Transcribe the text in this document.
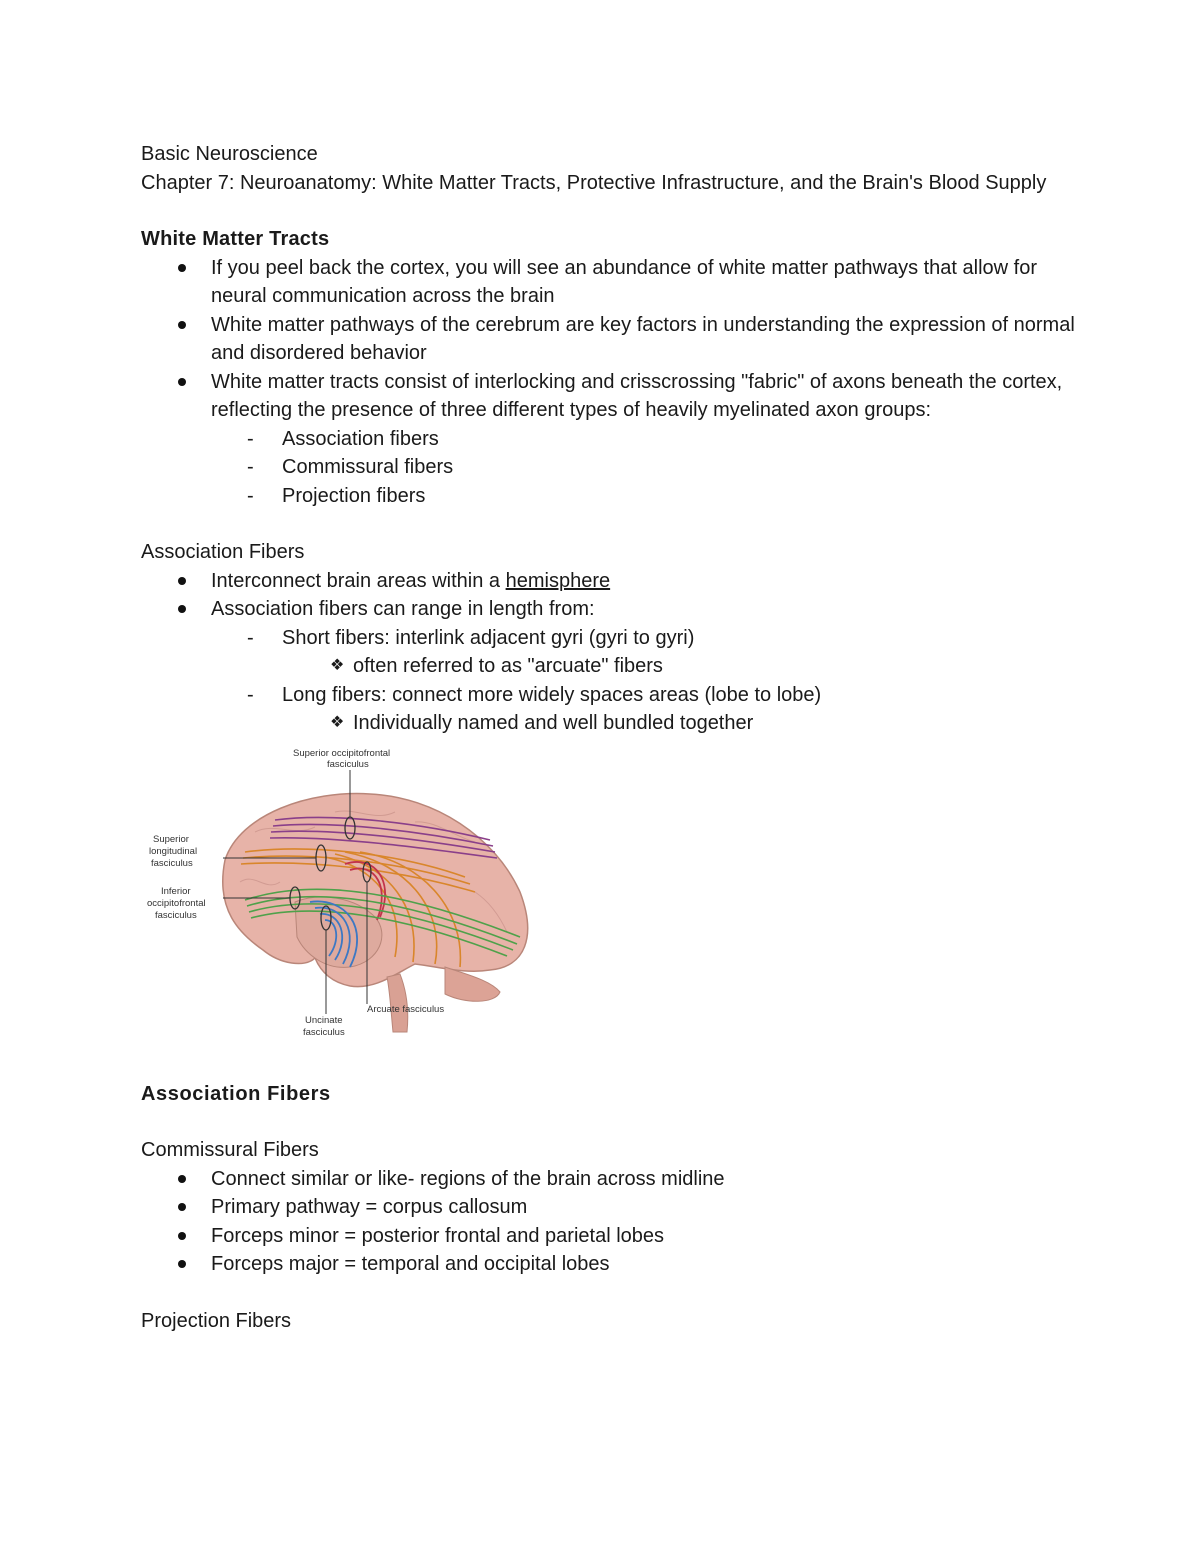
Basic Neuroscience

Chapter 7: Neuroanatomy: White Matter Tracts, Protective Infrastructure, and the Brain's Blood Supply

White Matter Tracts

If you peel back the cortex, you will see an abundance of white matter pathways that allow for neural communication across the brain
White matter pathways of the cerebrum are key factors in understanding the expression of normal and disordered behavior
White matter tracts consist of interlocking and crisscrossing "fabric" of axons beneath the cortex, reflecting the presence of three different types of heavily myelinated axon groups:
- Association fibers
- Commissural fibers
- Projection fibers

Association Fibers

Interconnect brain areas within a hemisphere
Association fibers can range in length from:
- Short fibers: interlink adjacent gyri (gyri to gyri)
❖ often referred to as "arcuate" fibers
- Long fibers: connect more widely spaces areas (lobe to lobe)
❖ Individually named and well bundled together
Superior occipitofrontal
fasciculus
Superior
longitudinal
fasciculus
Inferior
occipitofrontal
fasciculus
Uncinate
fasciculus
Arcuate fasciculus

Association Fibers

Commissural Fibers

Connect similar or like- regions of the brain across midline
Primary pathway = corpus callosum
Forceps minor = posterior frontal and parietal lobes
Forceps major = temporal and occipital lobes

Projection Fibers
